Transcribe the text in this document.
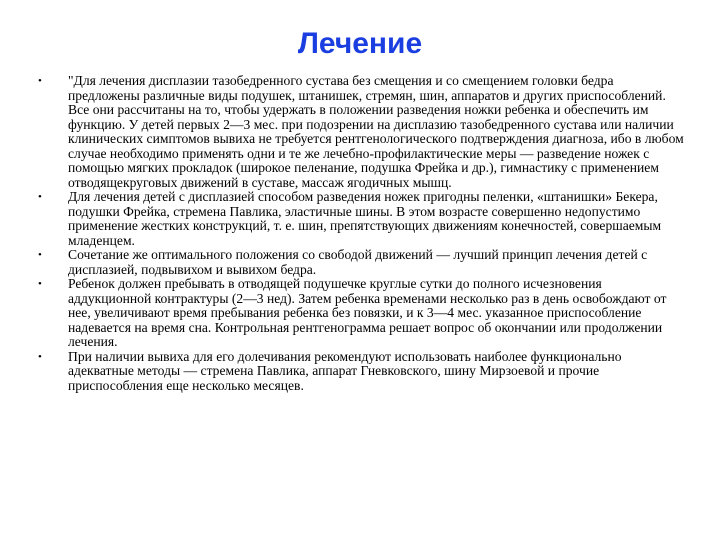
Лечение
•	"Для лечения дисплазии тазобедренного сустава без смещения и со смещением головки бедра предложены различные виды подушек, штанишек, стремян, шин, аппаратов и других приспособлений. Все они рассчитаны на то, чтобы удержать в положении разведения ножки ребенка и обеспечить им функцию. У детей первых 2—3 мес. при подозрении на дисплазию тазобедренного сустава или наличии клинических симптомов вывиха не требуется рентгенологического подтверждения диагноза, ибо в любом случае необходимо применять одни и те же лечебно-профилактические меры — разведение ножек с помощью мягких прокладок (широкое пеленание, подушка Фрейка и др.), гимнастику с применением отводящекруговых движений в суставе, массаж ягодичных мышц.
•	Для лечения детей с дисплазией способом разведения ножек пригодны пеленки, «штанишки» Бекера, подушки Фрейка, стремена Павлика, эластичные шины. В этом возрасте совершенно недопустимо применение жестких конструкций, т. е. шин, препятствующих движениям конечностей, совершаемым младенцем.
•	Сочетание же оптимального положения со свободой движений — лучший принцип лечения детей с дисплазией, подвывихом и вывихом бедра.
•	Ребенок должен пребывать в отводящей подушечке круглые сутки до полного исчезновения аддукционной контрактуры (2—3 нед). Затем ребенка временами несколько раз в день освобождают от нее, увеличивают время пребывания ребенка без повязки, и к 3—4 мес. указанное приспособление надевается на время сна. Контрольная рентгенограмма решает вопрос об окончании или продолжении лечения.
•	При наличии вывиха для его долечивания рекомендуют использовать наиболее функционально адекватные методы — стремена Павлика, аппарат Гневковского, шину Мирзоевой и прочие приспособления еще несколько месяцев.
